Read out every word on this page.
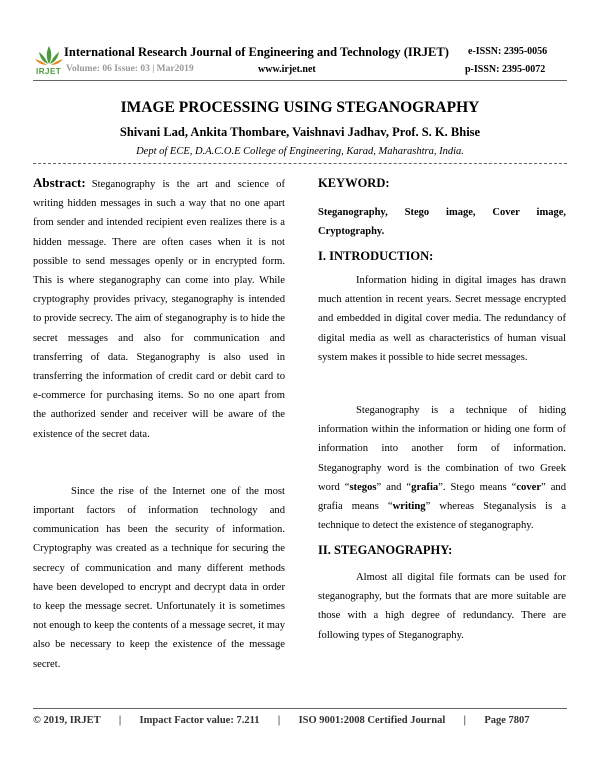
IRJET
International Research Journal of Engineering and Technology (IRJET) e-ISSN: 2395-0056
Volume: 06 Issue: 03 | Mar2019	www.irjet.net	p-ISSN: 2395-0072
IMAGE PROCESSING USING STEGANOGRAPHY
Shivani Lad, Ankita Thombare, Vaishnavi Jadhav, Prof. S. K. Bhise
Dept of ECE, D.A.C.O.E College of Engineering, Karad, Maharashtra, India.

Abstract: Steganography is the art and science of writing hidden messages in such a way that no one apart from sender and intended recipient even realizes there is a hidden message. There are often cases when it is not possible to send messages openly or in encrypted form. This is where steganography can come into play. While cryptography provides privacy, steganography is intended to provide secrecy. The aim of steganography is to hide the secret messages and also for communication and transferring of data. Steganography is also used in transferring the information of credit card or debit card to e-commerce for purchasing items. So no one apart from the authorized sender and receiver will be aware of the existence of the secret data.

Since the rise of the Internet one of the most important factors of information technology and communication has been the security of information. Cryptography was created as a technique for securing the secrecy of communication and many different methods have been developed to encrypt and decrypt data in order to keep the message secret. Unfortunately it is sometimes not enough to keep the contents of a message secret, it may also be necessary to keep the existence of the message secret.

KEYWORD:
Steganography, Stego image, Cover image, Cryptography.
I. INTRODUCTION:

Information hiding in digital images has drawn much attention in recent years. Secret message encrypted and embedded in digital cover media. The redundancy of digital media as well as characteristics of human visual system makes it possible to hide secret messages.

Steganography is a technique of hiding information within the information or hiding one form of information into another form of information. Steganography word is the combination of two Greek word “stegos” and “grafia”. Stego means “cover” and grafia means “writing” whereas Steganalysis is a technique to detect the existence of steganography.

II. STEGANOGRAPHY:

Almost all digital file formats can be used for steganography, but the formats that are more suitable are those with a high degree of redundancy. There are following types of Steganography.

© 2019, IRJET       |       Impact Factor value: 7.211       |       ISO 9001:2008 Certified Journal       |       Page 7807
